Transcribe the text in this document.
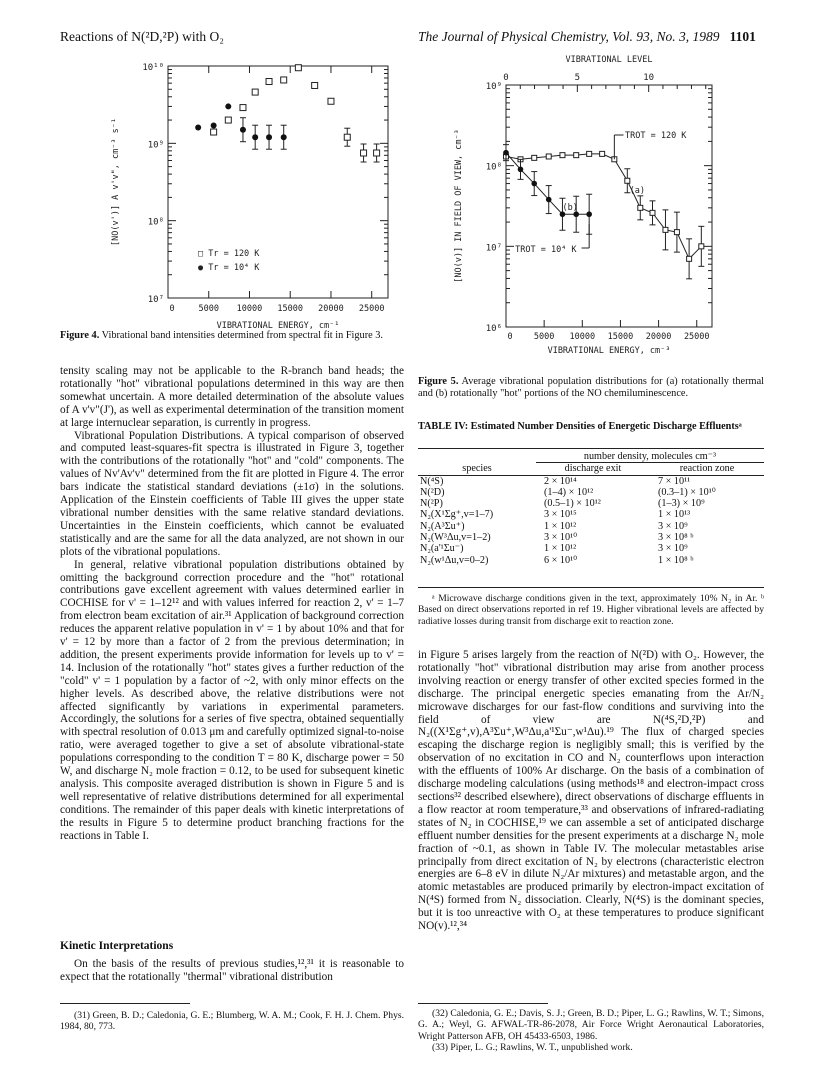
Reactions of N(²D,²P) with O₂	The Journal of Physical Chemistry, Vol. 93, No. 3, 1989 1101
10¹⁰
10⁹
10⁸
10⁷
0	5000 10000 15000 20000 25000
VIBRATIONAL ENERGY, cm⁻¹
[NO(v')] A v'v", cm⁻³ s⁻¹
□ Tr = 120 K
● Tr = 10⁴ K
Figure 4. Vibrational band intensities determined from spectral fit in Figure 3.
VIBRATIONAL LEVEL
0	5	10
10⁹
10⁸
10⁷
10⁶
0	5000 10000 15000 20000 25000
VIBRATIONAL ENERGY, cm⁻³
[NO(v)] IN FIELD OF VIEW, cm⁻³	TROT = 120 K
(a)
(b)
TROT = 10⁴ K
Figure 5. Average vibrational population distributions for (a) rotationally thermal and (b) rotationally "hot" portions of the NO chemiluminescence.

tensity scaling may not be applicable to the R-branch band heads; the rotationally "hot" vibrational populations determined in this way are then somewhat uncertain. A more detailed determination of the absolute values of A v'v"(J'), as well as experimental determination of the transition moment at large internuclear separation, is currently in progress.

Vibrational Population Distributions. A typical comparison of observed and computed least-squares-fit spectra is illustrated in Figure 3, together with the contributions of the rotationally "hot" and "cold" components. The values of Nv'Av'v" determined from the fit are plotted in Figure 4. The error bars indicate the statistical standard deviations (±1σ) in the solutions. Application of the Einstein coefficients of Table III gives the upper state vibrational number densities with the same relative standard deviations. Uncertainties in the Einstein coefficients, which cannot be evaluated statistically and are the same for all the data analyzed, are not shown in our plots of the vibrational populations.

In general, relative vibrational population distributions obtained by omitting the background correction procedure and the "hot" rotational contributions gave excellent agreement with values determined earlier in COCHISE for v' = 1–12¹² and with values inferred for reaction 2, v' = 1–7 from electron beam excitation of air.³¹ Application of background correction reduces the apparent relative population in v' = 1 by about 10% and that for v' = 12 by more than a factor of 2 from the previous determination; in addition, the present experiments provide information for levels up to v' = 14. Inclusion of the rotationally "hot" states gives a further reduction of the "cold" v' = 1 population by a factor of ~2, with only minor effects on the higher levels. As described above, the relative distributions were not affected significantly by variations in experimental parameters. Accordingly, the solutions for a series of five spectra, obtained sequentially with spectral resolution of 0.013 μm and carefully optimized signal-to-noise ratio, were averaged together to give a set of absolute vibrational-state populations corresponding to the condition T = 80 K, discharge power = 50 W, and discharge N₂ mole fraction = 0.12, to be used for subsequent kinetic analysis. This composite averaged distribution is shown in Figure 5 and is well representative of relative distributions determined for all experimental conditions. The remainder of this paper deals with kinetic interpretations of the results in Figure 5 to determine product branching fractions for the reactions in Table I.

Kinetic Interpretations

On the basis of the results of previous studies,¹²,³¹ it is reasonable to expect that the rotationally "thermal" vibrational distribution

(31) Green, B. D.; Caledonia, G. E.; Blumberg, W. A. M.; Cook, F. H. J. Chem. Phys. 1984, 80, 773.
TABLE IV: Estimated Number Densities of Energetic Discharge Effluentsᵃ
	number density, molecules cm⁻³	
species	discharge exit	reaction zone
N(⁴S)	2 × 10¹⁴	7 × 10¹¹
N(²D)	(1–4) × 10¹²	(0.3–1) × 10¹⁰
N(²P)	(0.5–1) × 10¹²	(1–3) × 10⁹
N₂(X¹Σg⁺,v=1–7)	3 × 10¹⁵	1 × 10¹³
N₂(A³Σu⁺)	1 × 10¹²	3 × 10⁹
N₂(W³Δu,v=1–2)	3 × 10¹⁰	3 × 10⁸ ᵇ
N₂(a'¹Σu⁻)	1 × 10¹²	3 × 10⁹
N₂(w¹Δu,v=0–2)	6 × 10¹⁰	1 × 10⁸ ᵇ
ᵃ Microwave discharge conditions given in the text, approximately 10% N₂ in Ar. ᵇ Based on direct observations reported in ref 19. Higher vibrational levels are affected by radiative losses during transit from discharge exit to reaction zone.

in Figure 5 arises largely from the reaction of N(²D) with O₂. However, the rotationally "hot" vibrational distribution may arise from another process involving reaction or energy transfer of other excited species formed in the discharge. The principal energetic species emanating from the Ar/N₂ microwave discharges for our fast-flow conditions and surviving into the field of view are N(⁴S,²D,²P) and N₂((X¹Σg⁺,v),A³Σu⁺,W³Δu,a'¹Σu⁻,w¹Δu).¹⁹ The flux of charged species escaping the discharge region is negligibly small; this is verified by the observation of no excitation in CO and N₂ counterflows upon interaction with the effluents of 100% Ar discharge. On the basis of a combination of discharge modeling calculations (using methods¹⁸ and electron-impact cross sections³² described elsewhere), direct observations of discharge effluents in a flow reactor at room temperature,³³ and observations of infrared-radiating states of N₂ in COCHISE,¹⁹ we can assemble a set of anticipated discharge effluent number densities for the present experiments at a discharge N₂ mole fraction of ~0.1, as shown in Table IV. The molecular metastables arise principally from direct excitation of N₂ by electrons (characteristic electron energies are 6–8 eV in dilute N₂/Ar mixtures) and metastable argon, and the atomic metastables are produced primarily by electron-impact excitation of N(⁴S) formed from N₂ dissociation. Clearly, N(⁴S) is the dominant species, but it is too unreactive with O₂ at these temperatures to produce significant NO(v).¹²,³⁴

(32) Caledonia, G. E.; Davis, S. J.; Green, B. D.; Piper, L. G.; Rawlins, W. T.; Simons, G. A.; Weyl, G. AFWAL-TR-86-2078, Air Force Wright Aeronautical Laboratories, Wright Patterson AFB, OH 45433-6503, 1986.
(33) Piper, L. G.; Rawlins, W. T., unpublished work.
